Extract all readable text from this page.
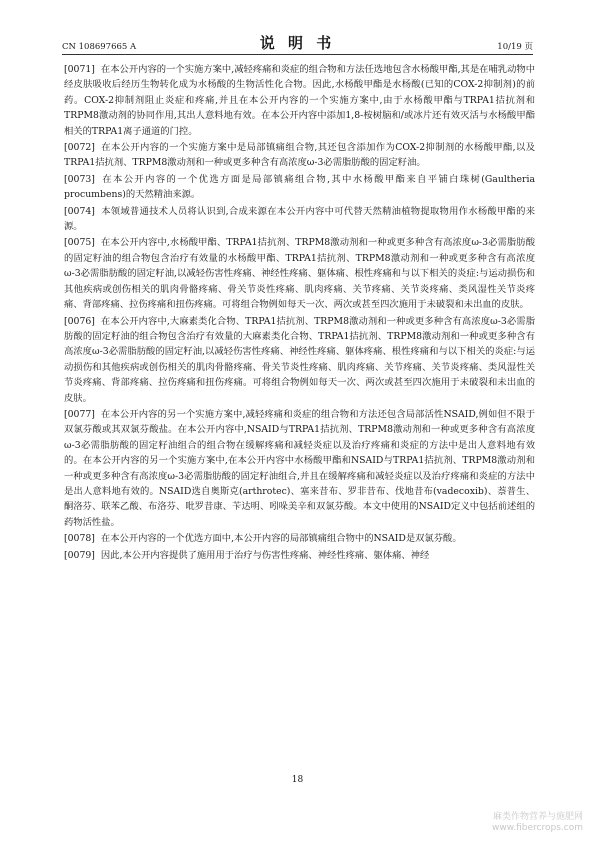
CN 108697665 A	说 明 书	10/19 页

[0071] 在本公开内容的一个实施方案中,减轻疼痛和炎症的组合物和方法任选地包含水杨酸甲酯,其是在哺乳动物中经皮肤吸收后经历生物转化成为水杨酸的生物活性化合物。因此,水杨酸甲酯是水杨酸(已知的COX-2抑制剂)的前药。COX-2抑制剂阻止炎症和疼痛,并且在本公开内容的一个实施方案中,由于水杨酸甲酯与TRPA1拮抗剂和TRPM8激动剂的协同作用,其出人意料地有效。在本公开内容中添加1,8-桉树脑和/或冰片还有效灭活与水杨酸甲酯相关的TRPA1离子通道的门控。

[0072] 在本公开内容的一个实施方案中是局部镇痛组合物,其还包含添加作为COX-2抑制剂的水杨酸甲酯,以及TRPA1拮抗剂、TRPM8激动剂和一种或更多种含有高浓度ω-3必需脂肪酸的固定籽油。

[0073] 在本公开内容的一个优选方面是局部镇痛组合物,其中水杨酸甲酯来自平铺白珠树(Gaultheria procumbens)的天然精油来源。

[0074] 本领域普通技术人员将认识到,合成来源在本公开内容中可代替天然精油植物提取物用作水杨酸甲酯的来源。

[0075] 在本公开内容中,水杨酸甲酯、TRPA1拮抗剂、TRPM8激动剂和一种或更多种含有高浓度ω-3必需脂肪酸的固定籽油的组合物包含治疗有效量的水杨酸甲酯、TRPA1拮抗剂、TRPM8激动剂和一种或更多种含有高浓度ω-3必需脂肪酸的固定籽油,以减轻伤害性疼痛、神经性疼痛、躯体痛、根性疼痛和与以下相关的炎症:与运动损伤和其他疾病或创伤相关的肌肉骨骼疼痛、骨关节炎性疼痛、肌肉疼痛、关节疼痛、关节炎疼痛、类风湿性关节炎疼痛、背部疼痛、拉伤疼痛和扭伤疼痛。可将组合物例如每天一次、两次或甚至四次施用于未破裂和未出血的皮肤。

[0076] 在本公开内容中,大麻素类化合物、TRPA1拮抗剂、TRPM8激动剂和一种或更多种含有高浓度ω-3必需脂肪酸的固定籽油的组合物包含治疗有效量的大麻素类化合物、TRPA1拮抗剂、TRPM8激动剂和一种或更多种含有高浓度ω-3必需脂肪酸的固定籽油,以减轻伤害性疼痛、神经性疼痛、躯体疼痛、根性疼痛和与以下相关的炎症:与运动损伤和其他疾病或创伤相关的肌肉骨骼疼痛、骨关节炎性疼痛、肌肉疼痛、关节疼痛、关节炎疼痛、类风湿性关节炎疼痛、背部疼痛、拉伤疼痛和扭伤疼痛。可将组合物例如每天一次、两次或甚至四次施用于未破裂和未出血的皮肤。

[0077] 在本公开内容的另一个实施方案中,减轻疼痛和炎症的组合物和方法还包含局部活性NSAID,例如但不限于双氯芬酸或其双氯芬酸盐。在本公开内容中,NSAID与TRPA1拮抗剂、TRPM8激动剂和一种或更多种含有高浓度ω-3必需脂肪酸的固定籽油组合的组合物在缓解疼痛和减轻炎症以及治疗疼痛和炎症的方法中是出人意料地有效的。在本公开内容的另一个实施方案中,在本公开内容中水杨酸甲酯和NSAID与TRPA1拮抗剂、TRPM8激动剂和一种或更多种含有高浓度ω-3必需脂肪酸的固定籽油组合,并且在缓解疼痛和减轻炎症以及治疗疼痛和炎症的方法中是出人意料地有效的。NSAID选自奥斯克(arthrotec)、塞来昔布、罗非昔布、伐地昔布(vadecoxib)、萘普生、酮洛芬、联苯乙酸、布洛芬、吡罗昔康、苄达明、吲哚美辛和双氯芬酸。本文中使用的NSAID定义中包括前述组的药物活性盐。

[0078] 在本公开内容的一个优选方面中,本公开内容的局部镇痛组合物中的NSAID是双氯芬酸。

[0079] 因此,本公开内容提供了施用用于治疗与伤害性疼痛、神经性疼痛、躯体痛、神经

18
麻类作物营养与施肥网
www.fibercrops.com
